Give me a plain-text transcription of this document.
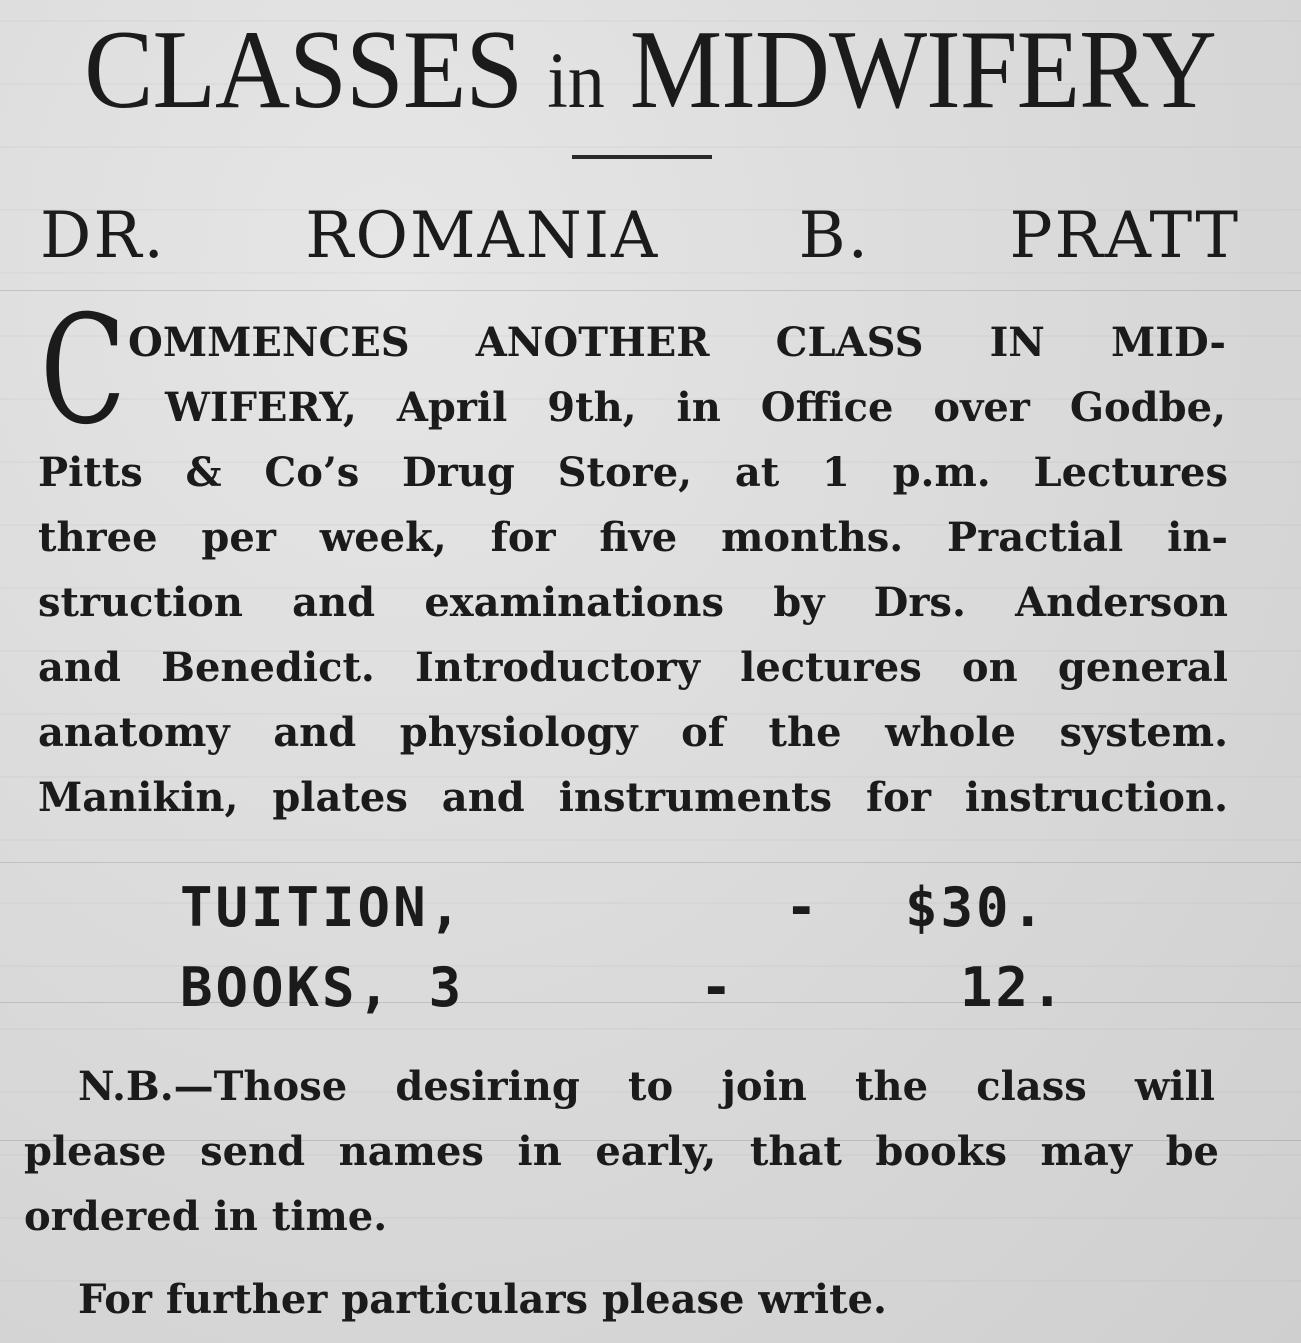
CLASSES in MIDWIFERY
DR. ROMANIA B. PRATT
C OMMENCES ANOTHER CLASS IN MID-
WIFERY, April 9th, in Office over Godbe,
Pitts & Co’s Drug Store, at 1 p.m. Lectures
three per week, for five months. Practial in-
struction and examinations by Drs. Anderson
and Benedict. Introductory lectures on general
anatomy and physiology of the whole system.
Manikin, plates and instruments for instruction.
TUITION,	- $30.
BOOKS, 3	-	12.
N.B.—Those desiring to join the class will
please send names in early, that books may be
ordered in time.
For further particulars please write.
